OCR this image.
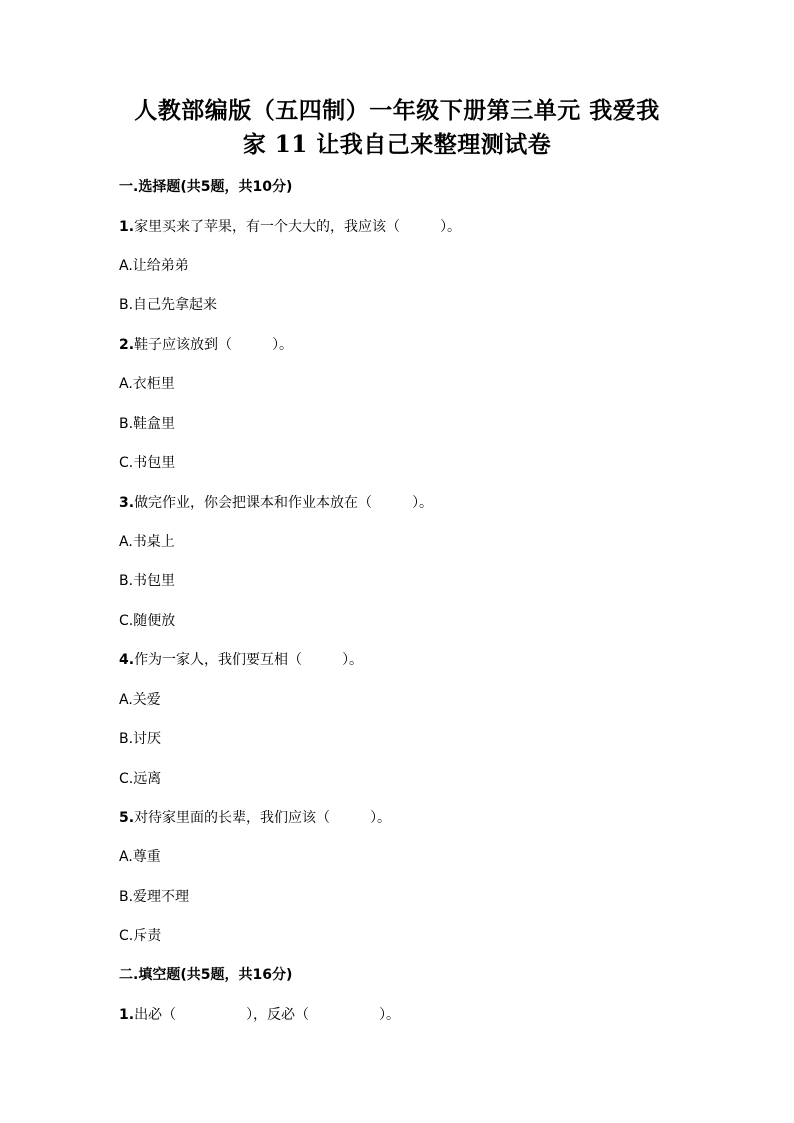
人教部编版（五四制）一年级下册第三单元 我爱我
家 11 让我自己来整理测试卷
一.选择题(共5题，共10分)
1.家里买来了苹果，有一个大大的，我应该（	）。
A.让给弟弟
B.自己先拿起来
2.鞋子应该放到（	）。
A.衣柜里
B.鞋盒里
C.书包里
3.做完作业，你会把课本和作业本放在（	）。
A.书桌上
B.书包里
C.随便放
4.作为一家人，我们要互相（	）。
A.关爱
B.讨厌
C.远离
5.对待家里面的长辈，我们应该（	）。
A.尊重
B.爱理不理
C.斥责
二.填空题(共5题，共16分)
1.出必（	），反必（	）。
